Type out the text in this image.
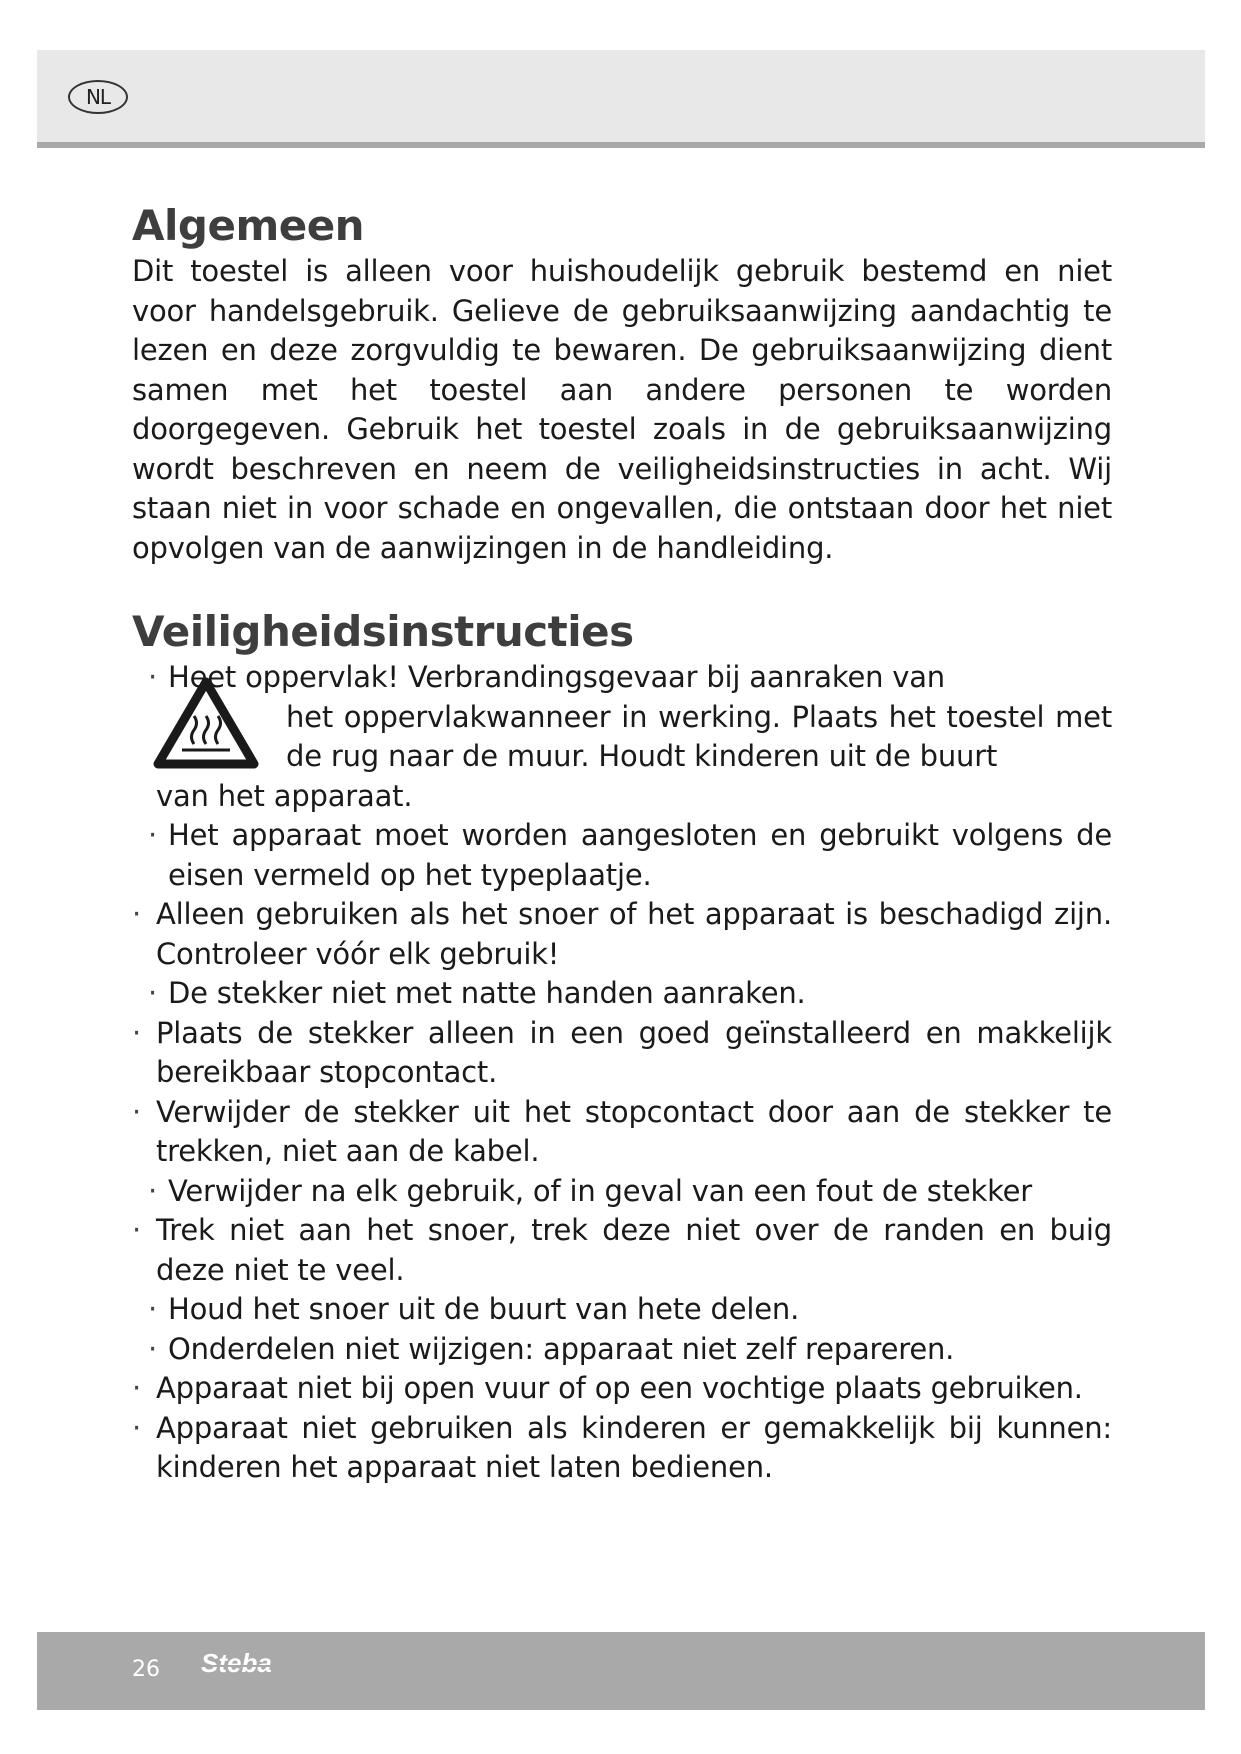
NL
Algemeen

Dit toestel is alleen voor huishoudelijk gebruik bestemd en niet voor handelsgebruik. Gelieve de gebruiksaanwijzing aandachtig te lezen en deze zorgvuldig te bewaren. De gebruiksaanwijzing dient samen met het toestel aan andere personen te worden doorgegeven. Gebruik het toestel zoals in de gebruiksaanwijzing wordt beschreven en neem de veiligheidsinstructies in acht. Wij staan niet in voor schade en ongevallen, die ontstaan door het niet opvolgen van de aanwijzingen in de handleiding.

Veiligheidsinstructies
· Heet oppervlak! Verbrandingsgevaar bij aanraken van
het oppervlakwanneer in werking. Plaats het toestel met de rug naar de muur. Houdt kinderen uit de buurt
van het apparaat.
· Het apparaat moet worden aangesloten en gebruikt volgens de eisen vermeld op het typeplaatje.
· Alleen gebruiken als het snoer of het apparaat is beschadigd zijn. Controleer vóór elk gebruik!
· De stekker niet met natte handen aanraken.
· Plaats de stekker alleen in een goed geïnstalleerd en makkelijk bereikbaar stopcontact.
· Verwijder de stekker uit het stopcontact door aan de stekker te trekken, niet aan de kabel.
· Verwijder na elk gebruik, of in geval van een fout de stekker
· Trek niet aan het snoer, trek deze niet over de randen en buig deze niet te veel.
· Houd het snoer uit de buurt van hete delen.
· Onderdelen niet wijzigen: apparaat niet zelf repareren.
· Apparaat niet bij open vuur of op een vochtige plaats gebruiken.
· Apparaat niet gebruiken als kinderen er gemakkelijk bij kunnen: kinderen het apparaat niet laten bedienen.
26 Steba
